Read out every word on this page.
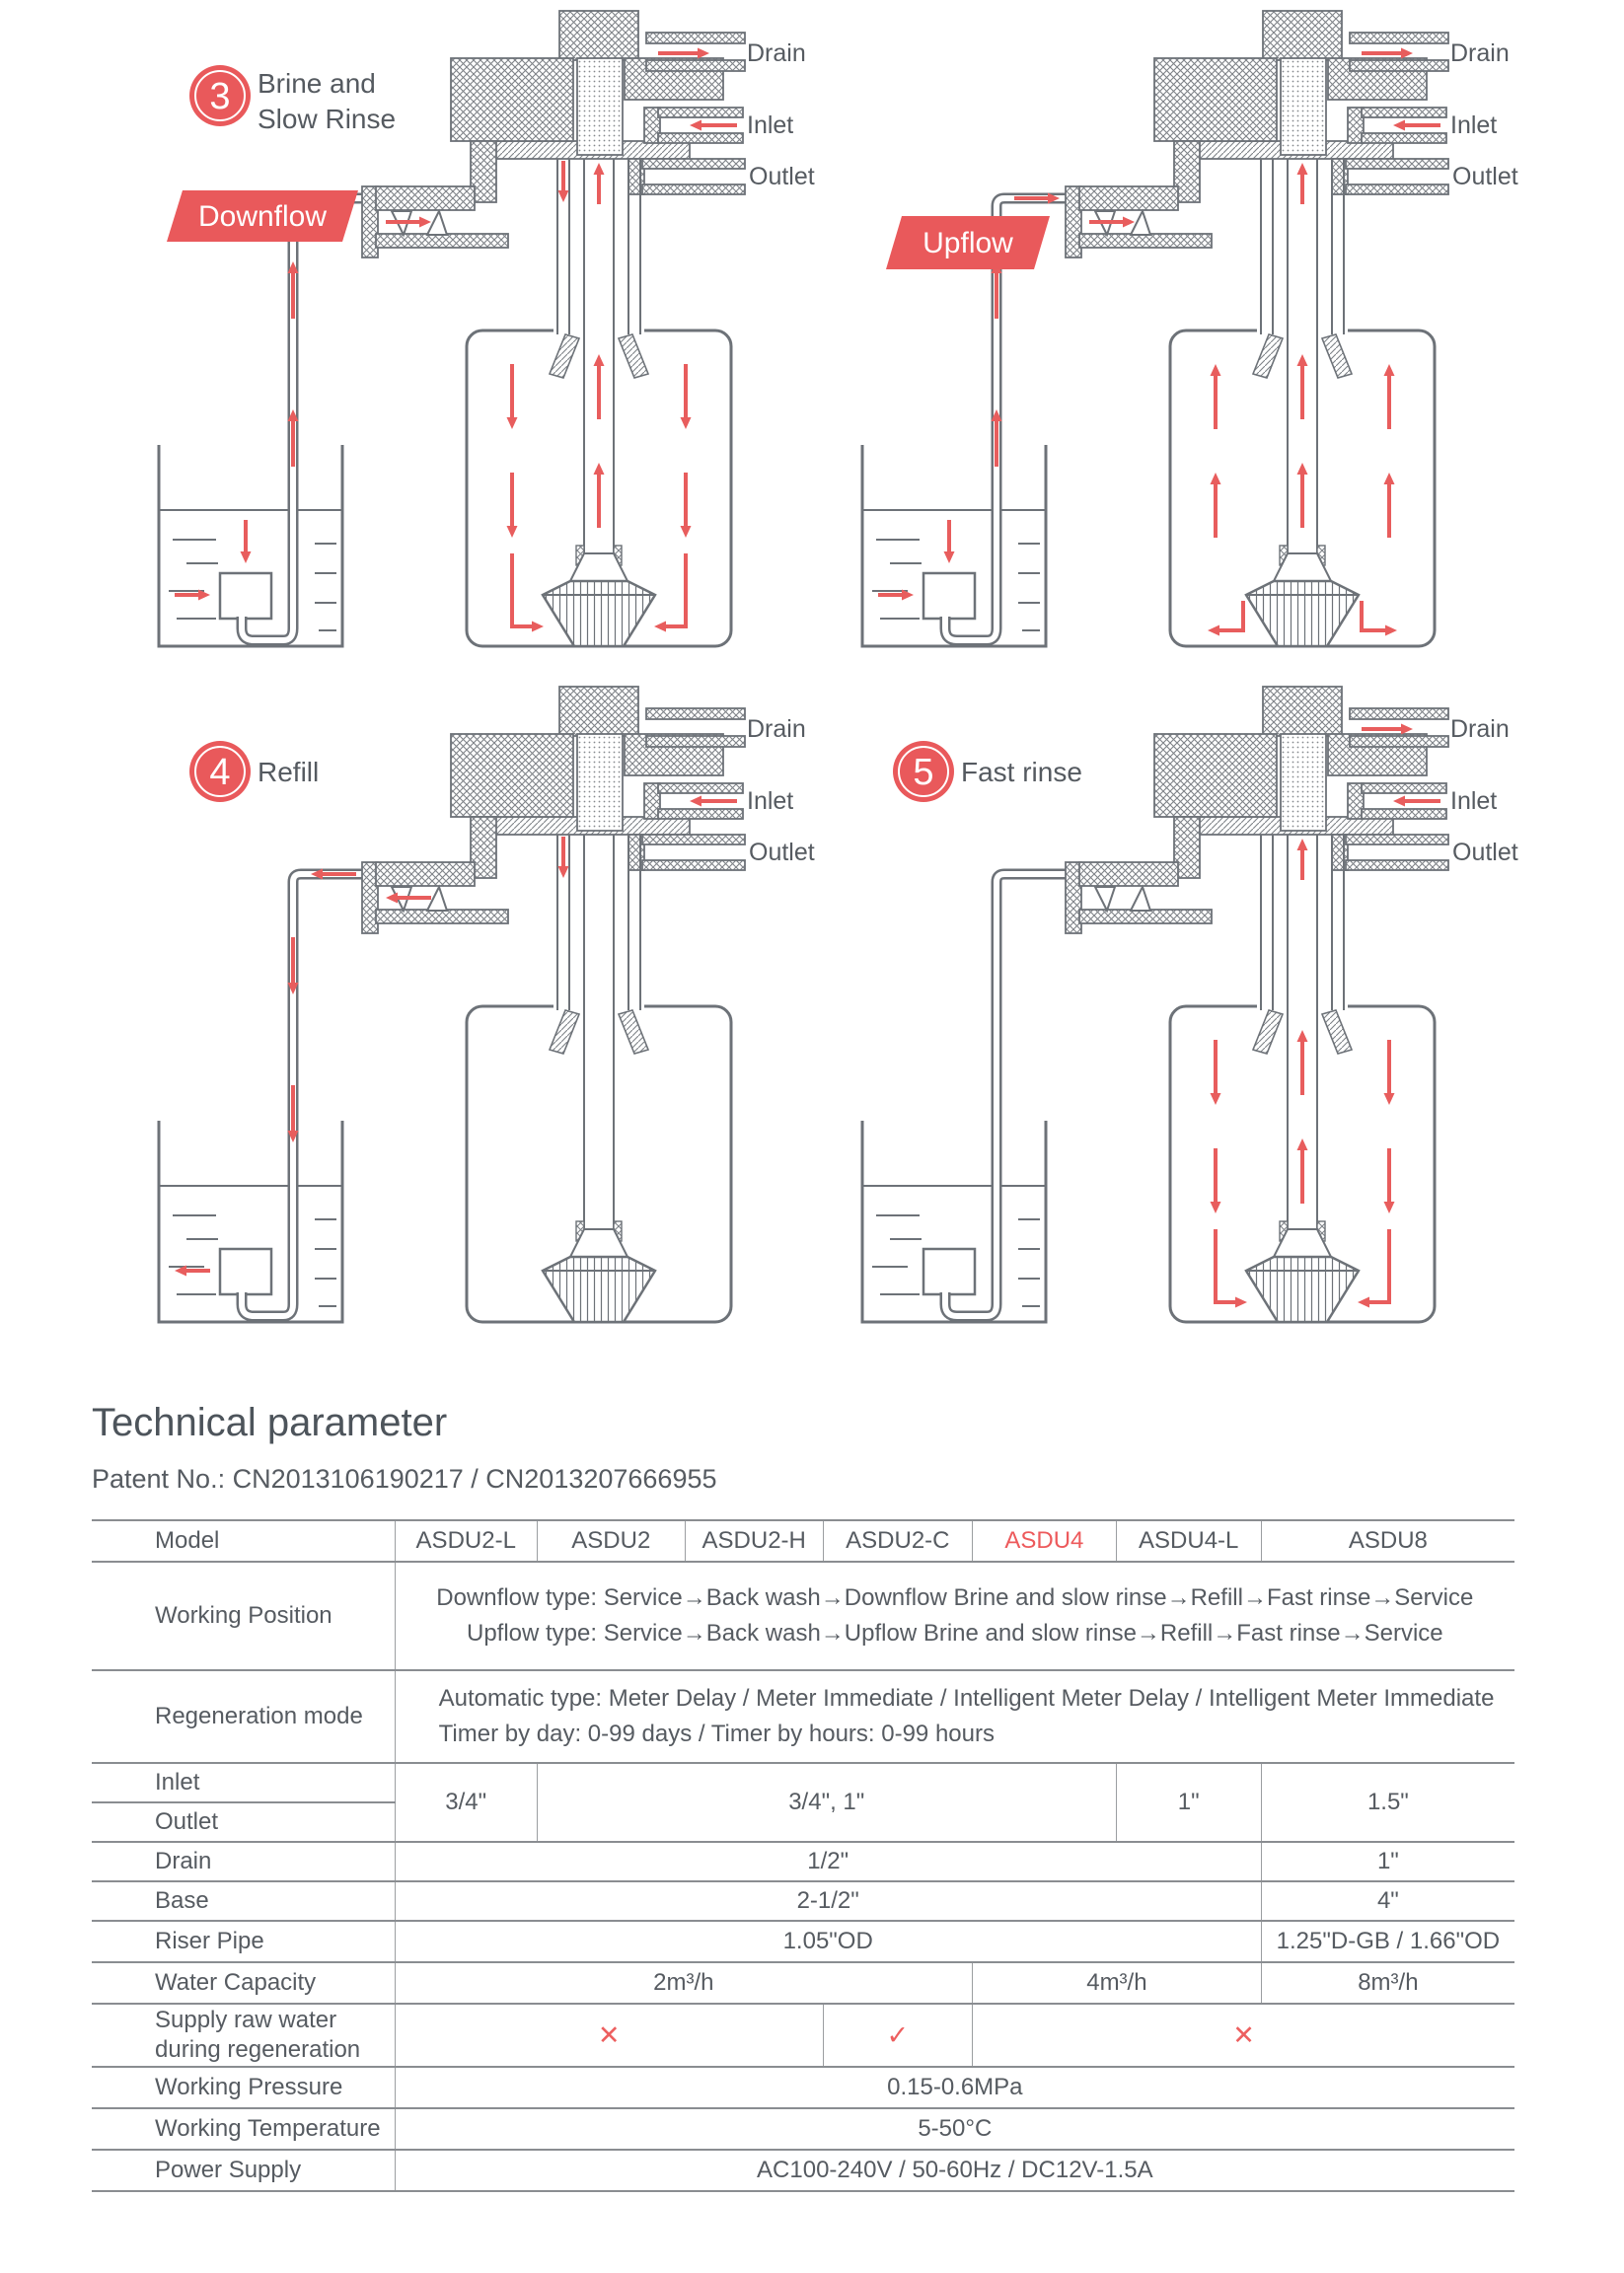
3 Brine and
Slow Rinse
Downflow
Drain
Inlet
Outlet
Upflow
Drain
Inlet
Outlet
4 Refill
Drain
Inlet
Outlet
5 Fast rinse
Drain
Inlet
Outlet
Technical parameter
Patent No.: CN2013106190217 / CN2013207666955
Model	ASDU2-L	ASDU2	ASDU2-H	ASDU2-C	ASDU4	ASDU4-L	ASDU8
Working Position	Downflow type: Service→Back wash→Downflow Brine and slow rinse→Refill→Fast rinse→Service
Upflow type: Service→Back wash→Upflow Brine and slow rinse→Refill→Fast rinse→Service						

Regeneration mode	Automatic type: Meter Delay / Meter Immediate / Intelligent Meter Delay / Intelligent Meter Immediate
Timer by day: 0-99 days / Timer by hours: 0-99 hours						

Inlet	3/4"	3/4", 1"				1"	1.5"
Outlet							
Drain	1/2"						1"
Base	2-1/2"						4"
Riser Pipe	1.05"OD						1.25"D-GB / 1.66"OD
Water Capacity	2m³/h				4m³/h		8m³/h

Supply raw water
during regeneration	✕			✓	✕		
Working Pressure	0.15-0.6MPa						
Working Temperature	5-50°C						
Power Supply	AC100-240V / 50-60Hz / DC12V-1.5A						
